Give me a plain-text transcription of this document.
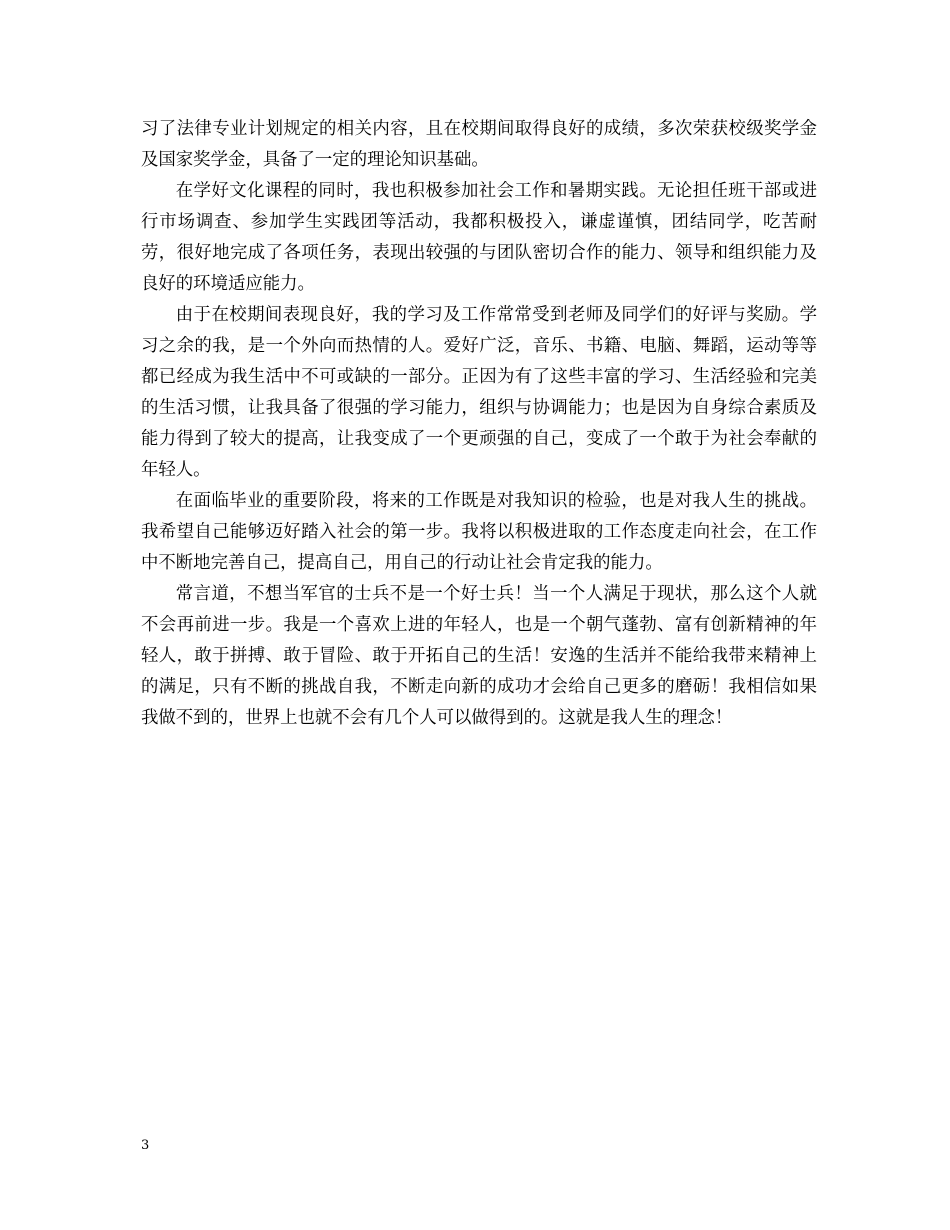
习了法律专业计划规定的相关内容，且在校期间取得良好的成绩，多次荣获校级奖学金及国家奖学金，具备了一定的理论知识基础。

在学好文化课程的同时，我也积极参加社会工作和暑期实践。无论担任班干部或进行市场调查、参加学生实践团等活动，我都积极投入，谦虚谨慎，团结同学，吃苦耐劳，很好地完成了各项任务，表现出较强的与团队密切合作的能力、领导和组织能力及良好的环境适应能力。

由于在校期间表现良好，我的学习及工作常常受到老师及同学们的好评与奖励。学习之余的我，是一个外向而热情的人。爱好广泛，音乐、书籍、电脑、舞蹈，运动等等都已经成为我生活中不可或缺的一部分。正因为有了这些丰富的学习、生活经验和完美的生活习惯，让我具备了很强的学习能力，组织与协调能力；也是因为自身综合素质及能力得到了较大的提高，让我变成了一个更顽强的自己，变成了一个敢于为社会奉献的年轻人。

在面临毕业的重要阶段，将来的工作既是对我知识的检验，也是对我人生的挑战。我希望自己能够迈好踏入社会的第一步。我将以积极进取的工作态度走向社会，在工作中不断地完善自己，提高自己，用自己的行动让社会肯定我的能力。

常言道，不想当军官的士兵不是一个好士兵！当一个人满足于现状，那么这个人就不会再前进一步。我是一个喜欢上进的年轻人，也是一个朝气蓬勃、富有创新精神的年轻人，敢于拼搏、敢于冒险、敢于开拓自己的生活！安逸的生活并不能给我带来精神上的满足，只有不断的挑战自我，不断走向新的成功才会给自己更多的磨砺！我相信如果我做不到的，世界上也就不会有几个人可以做得到的。这就是我人生的理念！

3
